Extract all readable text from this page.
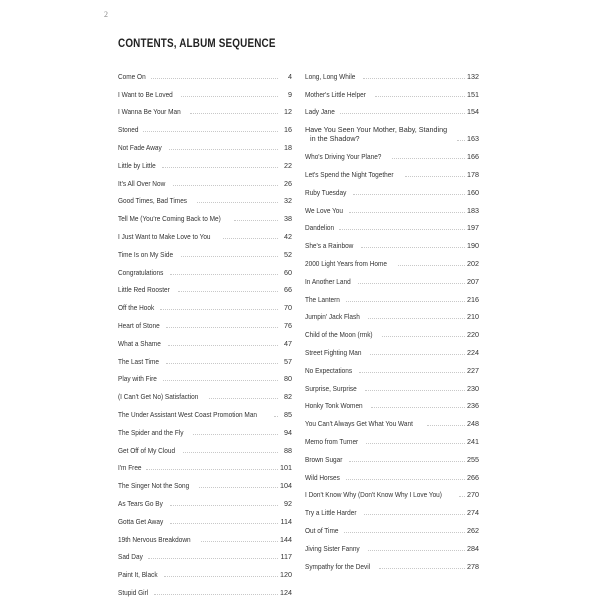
2
CONTENTS, ALBUM SEQUENCE
Come On	4
I Want to Be Loved	9
I Wanna Be Your Man	12
Stoned	16
Not Fade Away	18
Little by Little	22
It's All Over Now	26
Good Times, Bad Times	32
Tell Me (You're Coming Back to Me)	38
I Just Want to Make Love to You	42
Time Is on My Side	52
Congratulations	60
Little Red Rooster	66
Off the Hook	70
Heart of Stone	76
What a Shame	47
The Last Time	57
Play with Fire	80
(I Can't Get No) Satisfaction	82
The Under Assistant West Coast Promotion Man	85
The Spider and the Fly	94
Get Off of My Cloud	88
I'm Free	101
The Singer Not the Song	104
As Tears Go By	92
Gotta Get Away	114
19th Nervous Breakdown	144
Sad Day	117
Paint It, Black	120
Stupid Girl	124
Long, Long While	132
Mother's Little Helper	151
Lady Jane	154
Have You Seen Your Mother, Baby, Standing
in the Shadow?	163
Who's Driving Your Plane?	166
Let's Spend the Night Together	178
Ruby Tuesday	160
We Love You	183
Dandelion	197
She's a Rainbow	190
2000 Light Years from Home	202
In Another Land	207
The Lantern	216
Jumpin' Jack Flash	210
Child of the Moon (rmk)	220
Street Fighting Man	224
No Expectations	227
Surprise, Surprise	230
Honky Tonk Women	236
You Can't Always Get What You Want	248
Memo from Turner	241
Brown Sugar	255
Wild Horses	266
I Don't Know Why (Don't Know Why I Love You)	270
Try a Little Harder	274
Out of Time	262
Jiving Sister Fanny	284
Sympathy for the Devil	278
